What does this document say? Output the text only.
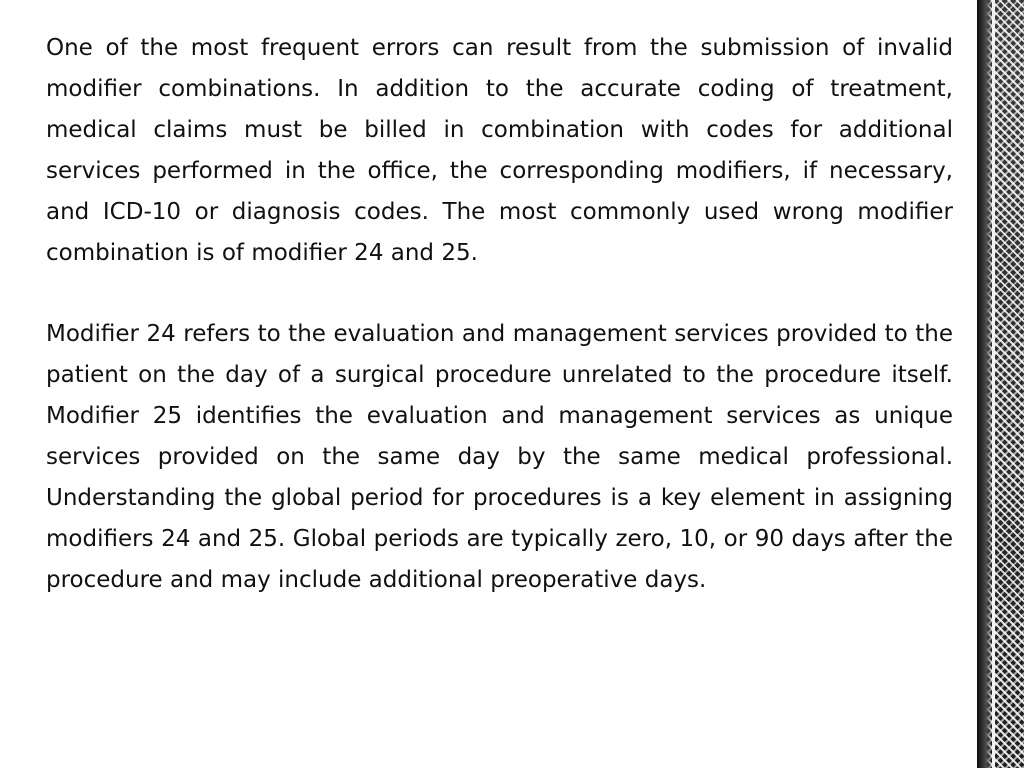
One of the most frequent errors can result from the submission of invalid modifier combinations. In addition to the accurate coding of treatment, medical claims must be billed in combination with codes for additional services performed in the office, the corresponding modifiers, if necessary, and ICD-10 or diagnosis codes. The most commonly used wrong modifier combination is of modifier 24 and 25.

Modifier 24 refers to the evaluation and management services provided to the patient on the day of a surgical procedure unrelated to the procedure itself. Modifier 25 identifies the evaluation and management services as unique services provided on the same day by the same medical professional. Understanding the global period for procedures is a key element in assigning modifiers 24 and 25. Global periods are typically zero, 10, or 90 days after the procedure and may include additional preoperative days.
